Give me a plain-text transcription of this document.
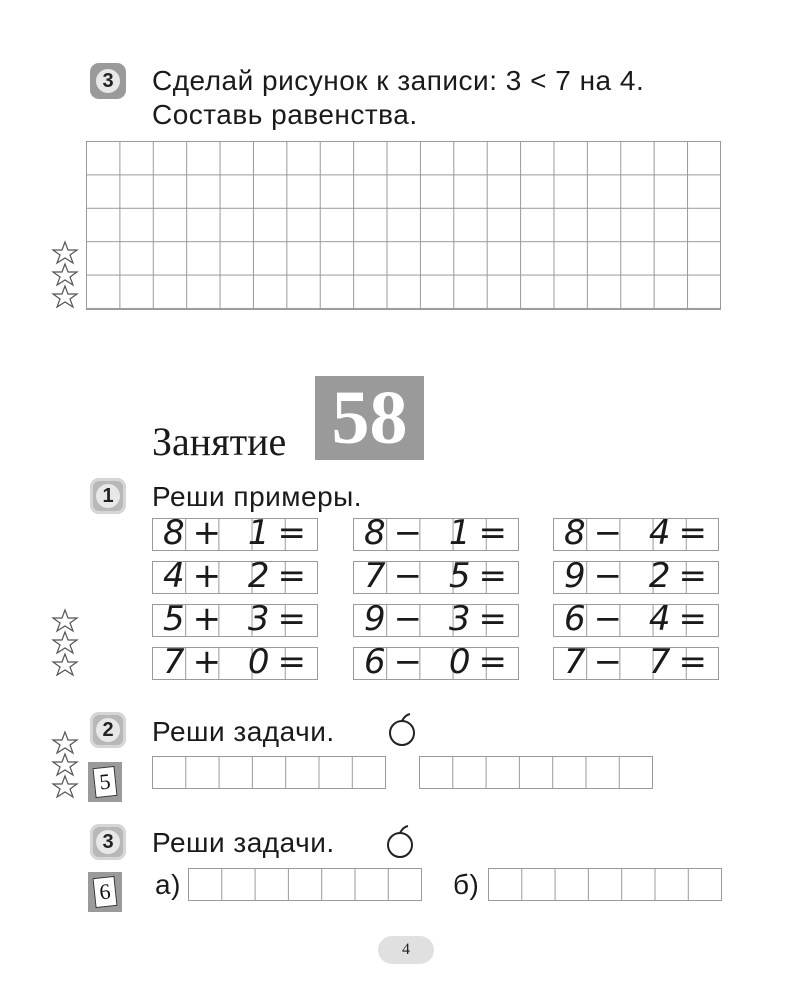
3 Сделай рисунок к записи: 3 < 7 на 4.
Составь равенства.
Занятие 58
1 Реши примеры.
8+ 1=
4+ 2=
5+ 3=
7+ 0=
8− 1=
7− 5=
9− 3=
6− 0=
8− 4=
9− 2=
6− 4=
7− 7=
2 Реши задачи.
5
3 Реши задачи.
6 а)	б)
4
